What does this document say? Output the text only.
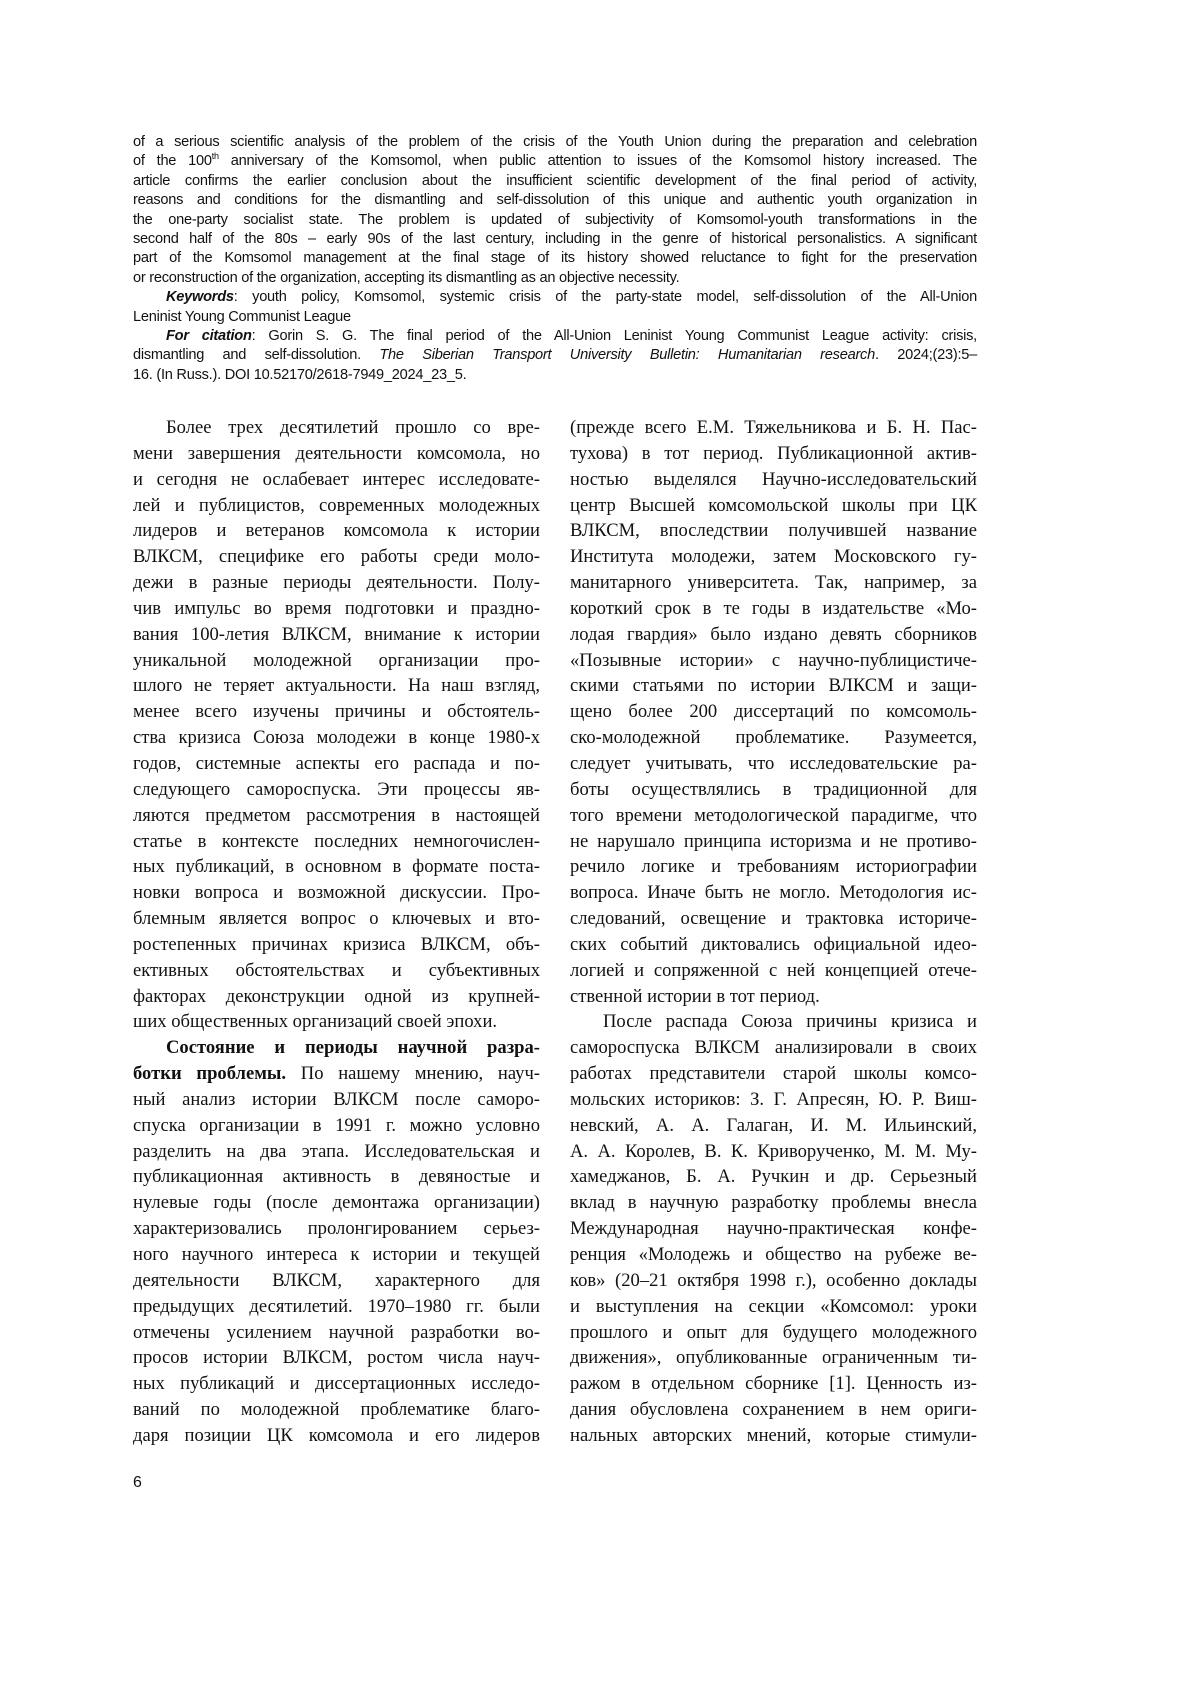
of a serious scientific analysis of the problem of the crisis of the Youth Union during the preparation and celebration
of the 100th anniversary of the Komsomol, when public attention to issues of the Komsomol history increased. The
article confirms the earlier conclusion about the insufficient scientific development of the final period of activity,
reasons and conditions for the dismantling and self-dissolution of this unique and authentic youth organization in
the one-party socialist state. The problem is updated of subjectivity of Komsomol-youth transformations in the
second half of the 80s – early 90s of the last century, including in the genre of historical personalistics. A significant
part of the Komsomol management at the final stage of its history showed reluctance to fight for the preservation
or reconstruction of the organization, accepting its dismantling as an objective necessity.
Keywords: youth policy, Komsomol, systemic crisis of the party-state model, self-dissolution of the All-Union
Leninist Young Communist League
For citation: Gorin S. G. The final period of the All-Union Leninist Young Communist League activity: crisis,
dismantling and self-dissolution. The Siberian Transport University Bulletin: Humanitarian research. 2024;(23):5–
16. (In Russ.). DOI 10.52170/2618-7949_2024_23_5.
Более трех десятилетий прошло со вре-
мени завершения деятельности комсомола, но
и сегодня не ослабевает интерес исследовате-
лей и публицистов, современных молодежных
лидеров и ветеранов комсомола к истории
ВЛКСМ, специфике его работы среди моло-
дежи в разные периоды деятельности. Полу-
чив импульс во время подготовки и праздно-
вания 100-летия ВЛКСМ, внимание к истории
уникальной молодежной организации про-
шлого не теряет актуальности. На наш взгляд,
менее всего изучены причины и обстоятель-
ства кризиса Союза молодежи в конце 1980-х
годов, системные аспекты его распада и по-
следующего самороспуска. Эти процессы яв-
ляются предметом рассмотрения в настоящей
статье в контексте последних немногочислен-
ных публикаций, в основном в формате поста-
новки вопроса и возможной дискуссии. Про-
блемным является вопрос о ключевых и вто-
ростепенных причинах кризиса ВЛКСМ, объ-
ективных обстоятельствах и субъективных
факторах деконструкции одной из крупней-
ших общественных организаций своей эпохи.
Состояние и периоды научной разра-
ботки проблемы. По нашему мнению, науч-
ный анализ истории ВЛКСМ после саморо-
спуска организации в 1991 г. можно условно
разделить на два этапа. Исследовательская и
публикационная активность в девяностые и
нулевые годы (после демонтажа организации)
характеризовались пролонгированием серьез-
ного научного интереса к истории и текущей
деятельности ВЛКСМ, характерного для
предыдущих десятилетий. 1970–1980 гг. были
отмечены усилением научной разработки во-
просов истории ВЛКСМ, ростом числа науч-
ных публикаций и диссертационных исследо-
ваний по молодежной проблематике благо-
даря позиции ЦК комсомола и его лидеров
(прежде всего Е.М. Тяжельникова и Б. Н. Пас-
тухова) в тот период. Публикационной актив-
ностью выделялся Научно-исследовательский
центр Высшей комсомольской школы при ЦК
ВЛКСМ, впоследствии получившей название
Института молодежи, затем Московского гу-
манитарного университета. Так, например, за
короткий срок в те годы в издательстве «Мо-
лодая гвардия» было издано девять сборников
«Позывные истории» с научно-публицистиче-
скими статьями по истории ВЛКСМ и защи-
щено более 200 диссертаций по комсомоль-
ско-молодежной проблематике. Разумеется,
следует учитывать, что исследовательские ра-
боты осуществлялись в традиционной для
того времени методологической парадигме, что
не нарушало принципа историзма и не противо-
речило логике и требованиям историографии
вопроса. Иначе быть не могло. Методология ис-
следований, освещение и трактовка историче-
ских событий диктовались официальной идео-
логией и сопряженной с ней концепцией отече-
ственной истории в тот период.
После распада Союза причины кризиса и
самороспуска ВЛКСМ анализировали в своих
работах представители старой школы комсо-
мольских историков: З. Г. Апресян, Ю. Р. Виш-
невский, А. А. Галаган, И. М. Ильинский,
А. А. Королев, В. К. Криворученко, М. М. Му-
хамеджанов, Б. А. Ручкин и др. Серьезный
вклад в научную разработку проблемы внесла
Международная научно-практическая конфе-
ренция «Молодежь и общество на рубеже ве-
ков» (20–21 октября 1998 г.), особенно доклады
и выступления на секции «Комсомол: уроки
прошлого и опыт для будущего молодежного
движения», опубликованные ограниченным ти-
ражом в отдельном сборнике [1]. Ценность из-
дания обусловлена сохранением в нем ориги-
нальных авторских мнений, которые стимули-
6
